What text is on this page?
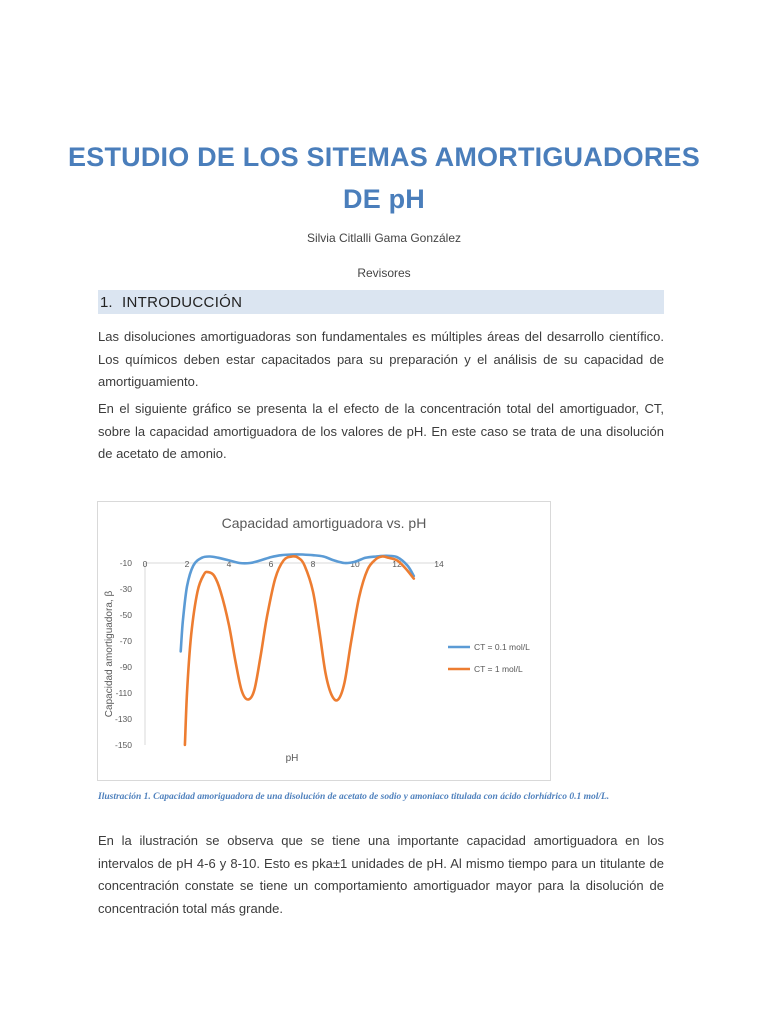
ESTUDIO DE LOS SITEMAS AMORTIGUADORES
DE pH
Silvia Citlalli Gama González
Revisores
1. INTRODUCCIÓN
Las disoluciones amortiguadoras son fundamentales es múltiples áreas del desarrollo científico. Los químicos deben estar capacitados para su preparación y el análisis de su capacidad de amortiguamiento.
En el siguiente gráfico se presenta la el efecto de la concentración total del amortiguador, CT, sobre la capacidad amortiguadora de los valores de pH. En este caso se trata de una disolución de acetato de amonio.
Capacidad amortiguadora vs. pH
0	2	4	6	8	10	12	14
-10
-30
-50
-70
-90
-110
-130
-150
pH
Capacidad amortiguadora, β	CT = 0.1 mol/L
CT = 1 mol/L
Ilustración 1. Capacidad amoriguadora de una disolución de acetato de sodio y amoniaco titulada con ácido clorhídrico 0.1 mol/L.
En la ilustración se observa que se tiene una importante capacidad amortiguadora en los intervalos de pH 4-6 y 8-10. Esto es pka±1 unidades de pH. Al mismo tiempo para un titulante de concentración constate se tiene un comportamiento amortiguador mayor para la disolución de concentración total más grande.
